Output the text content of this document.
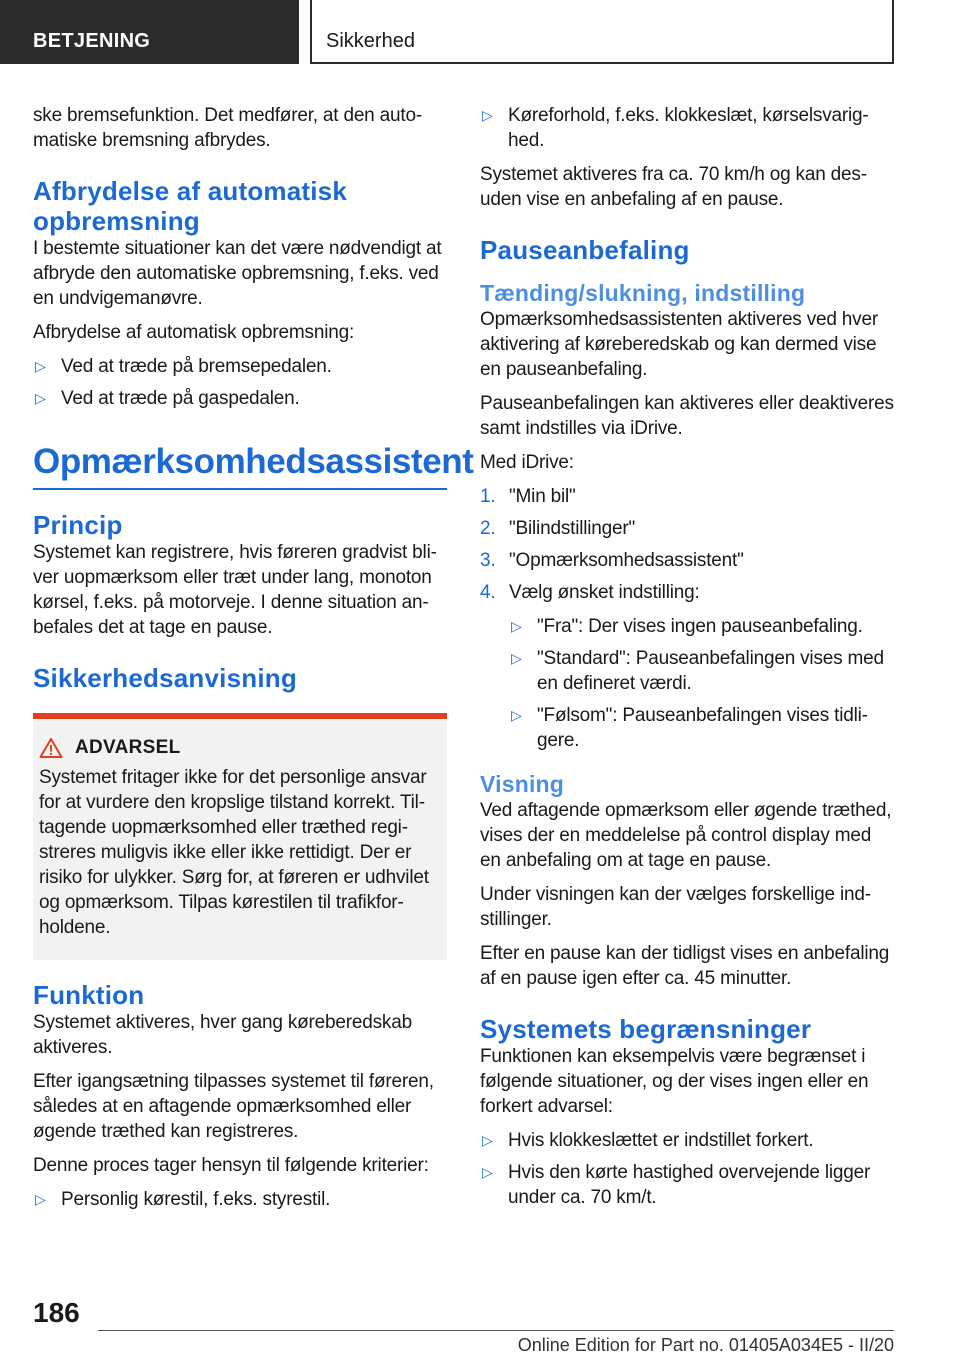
BETJENING	Sikkerhed

ske bremsefunktion. Det medfører, at den automatiske bremsning afbrydes.

Afbrydelse af automatisk opbremsning

I bestemte situationer kan det være nødvendigt at afbryde den automatiske opbremsning, f.eks. ved en undvigemanøvre.

Afbrydelse af automatisk opbremsning:

▷ Ved at træde på bremsepedalen.
▷ Ved at træde på gaspedalen.
Opmærksomhedsassistent
Princip

Systemet kan registrere, hvis føreren gradvist bliver uopmærksom eller træt under lang, monoton kørsel, f.eks. på motorveje. I denne situation anbefales det at tage en pause.

Sikkerhedsanvisning
ADVARSEL

Systemet fritager ikke for det personlige ansvar for at vurdere den kropslige tilstand korrekt. Tiltagende uopmærksomhed eller træthed registreres muligvis ikke eller ikke rettidigt. Der er risiko for ulykker. Sørg for, at føreren er udhvilet og opmærksom. Tilpas kørestilen til trafikforholdene.

Funktion

Systemet aktiveres, hver gang køreberedskab aktiveres.

Efter igangsætning tilpasses systemet til føreren, således at en aftagende opmærksomhed eller øgende træthed kan registreres.

Denne proces tager hensyn til følgende kriterier:

▷ Personlig kørestil, f.eks. styrestil.
▷ Køreforhold, f.eks. klokkeslæt, kørselsvarighed.

Systemet aktiveres fra ca. 70 km/h og kan desuden vise en anbefaling af en pause.

Pauseanbefaling
Tænding/slukning, indstilling

Opmærksomhedsassistenten aktiveres ved hver aktivering af køreberedskab og kan dermed vise en pauseanbefaling.

Pauseanbefalingen kan aktiveres eller deaktiveres samt indstilles via iDrive.

Med iDrive:

1. "Min bil"
2. "Bilindstillinger"
3. "Opmærksomhedsassistent"
4. Vælg ønsket indstilling:
▷ "Fra": Der vises ingen pauseanbefaling.
▷ "Standard": Pauseanbefalingen vises med en defineret værdi.
▷ "Følsom": Pauseanbefalingen vises tidligere.
Visning

Ved aftagende opmærksom eller øgende træthed, vises der en meddelelse på control display med en anbefaling om at tage en pause.

Under visningen kan der vælges forskellige indstillinger.

Efter en pause kan der tidligst vises en anbefaling af en pause igen efter ca. 45 minutter.

Systemets begrænsninger

Funktionen kan eksempelvis være begrænset i følgende situationer, og der vises ingen eller en forkert advarsel:

▷ Hvis klokkeslættet er indstillet forkert.
▷ Hvis den kørte hastighed overvejende ligger under ca. 70 km/t.
186
Online Edition for Part no. 01405A034E5 - II/20
